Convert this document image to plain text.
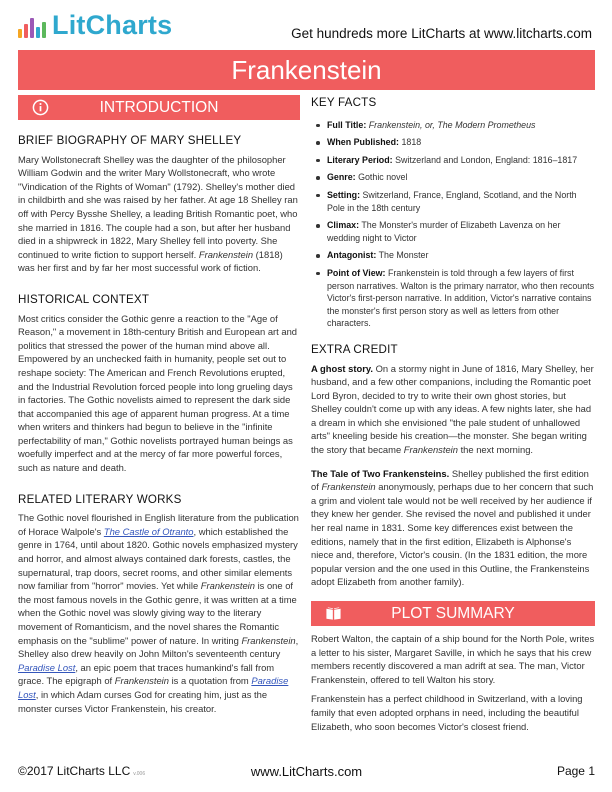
LitCharts	Get hundreds more LitCharts at www.litcharts.com
Frankenstein
INTRODUCTION
BRIEF BIOGRAPHY OF MARY SHELLEY

Mary Wollstonecraft Shelley was the daughter of the philosopher William Godwin and the writer Mary Wollstonecraft, who wrote "Vindication of the Rights of Woman" (1792). Shelley's mother died in childbirth and she was raised by her father. At age 18 Shelley ran off with Percy Bysshe Shelley, a leading British Romantic poet, who she married in 1816. The couple had a son, but after her husband died in a shipwreck in 1822, Mary Shelley fell into poverty. She continued to write fiction to support herself. Frankenstein (1818) was her first and by far her most successful work of fiction.

HISTORICAL CONTEXT

Most critics consider the Gothic genre a reaction to the "Age of Reason," a movement in 18th-century British and European art and politics that stressed the power of the human mind above all. Empowered by an unchecked faith in humanity, people set out to reshape society: The American and French Revolutions erupted, and the Industrial Revolution forced people into long grueling days in factories. The Gothic novelists aimed to represent the dark side that accompanied this age of apparent human progress. At a time when writers and thinkers had begun to believe in the "infinite perfectability of man," Gothic novelists portrayed human beings as woefully imperfect and at the mercy of far more powerful forces, such as nature and death.

RELATED LITERARY WORKS

The Gothic novel flourished in English literature from the publication of Horace Walpole's The Castle of Otranto, which established the genre in 1764, until about 1820. Gothic novels emphasized mystery and horror, and almost always contained dark forests, castles, the supernatural, trap doors, secret rooms, and other similar elements now familiar from "horror" movies. Yet while Frankenstein is one of the most famous novels in the Gothic genre, it was written at a time when the Gothic novel was slowly giving way to the literary movement of Romanticism, and the novel shares the Romantic emphasis on the "sublime" power of nature. In writing Frankenstein, Shelley also drew heavily on John Milton's seventeenth century Paradise Lost, an epic poem that traces humankind's fall from grace. The epigraph of Frankenstein is a quotation from Paradise Lost, in which Adam curses God for creating him, just as the monster curses Victor Frankenstein, his creator.

KEY FACTS
Full Title: Frankenstein, or, The Modern Prometheus
When Published: 1818
Literary Period: Switzerland and London, England: 1816–1817
Genre: Gothic novel
Setting: Switzerland, France, England, Scotland, and the North Pole in the 18th century
Climax: The Monster's murder of Elizabeth Lavenza on her wedding night to Victor
Antagonist: The Monster
Point of View: Frankenstein is told through a few layers of first person narratives. Walton is the primary narrator, who then recounts Victor's first-person narrative. In addition, Victor's narrative contains the monster's first person story as well as letters from other characters.
EXTRA CREDIT

A ghost story. On a stormy night in June of 1816, Mary Shelley, her husband, and a few other companions, including the Romantic poet Lord Byron, decided to try to write their own ghost stories, but Shelley couldn't come up with any ideas. A few nights later, she had a dream in which she envisioned "the pale student of unhallowed arts" kneeling beside his creation—the monster. She began writing the story that became Frankenstein the next morning.

The Tale of Two Frankensteins. Shelley published the first edition of Frankenstein anonymously, perhaps due to her concern that such a grim and violent tale would not be well received by her audience if they knew her gender. She revised the novel and published it under her real name in 1831. Some key differences exist between the editions, namely that in the first edition, Elizabeth is Alphonse's niece and, therefore, Victor's cousin. (In the 1831 edition, the more popular version and the one used in this Outline, the Frankensteins adopt Elizabeth from another family).

PLOT SUMMARY

Robert Walton, the captain of a ship bound for the North Pole, writes a letter to his sister, Margaret Saville, in which he says that his crew members recently discovered a man adrift at sea. The man, Victor Frankenstein, offered to tell Walton his story.

Frankenstein has a perfect childhood in Switzerland, with a loving family that even adopted orphans in need, including the beautiful Elizabeth, who soon becomes Victor's closest friend.

©2017 LitCharts LLC v.006	www.LitCharts.com	Page 1
